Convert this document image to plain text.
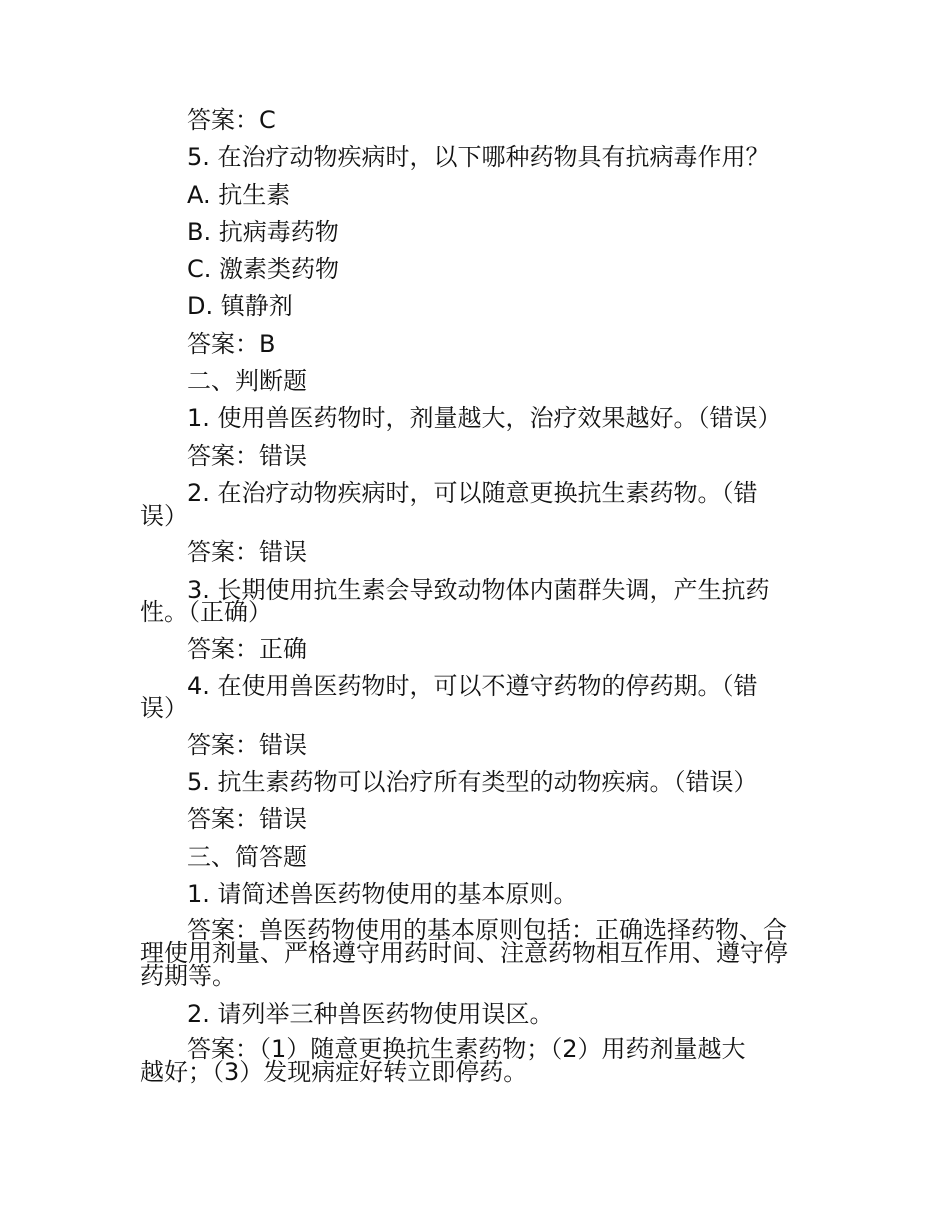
答案：C
5. 在治疗动物疾病时，以下哪种药物具有抗病毒作用？
A. 抗生素
B. 抗病毒药物
C. 激素类药物
D. 镇静剂
答案：B
二、判断题
1. 使用兽医药物时，剂量越大，治疗效果越好。（错误）
答案：错误
2. 在治疗动物疾病时，可以随意更换抗生素药物。（错
误）
答案：错误
3. 长期使用抗生素会导致动物体内菌群失调，产生抗药
性。（正确）
答案：正确
4. 在使用兽医药物时，可以不遵守药物的停药期。（错
误）
答案：错误
5. 抗生素药物可以治疗所有类型的动物疾病。（错误）
答案：错误
三、简答题
1. 请简述兽医药物使用的基本原则。
答案：兽医药物使用的基本原则包括：正确选择药物、合
理使用剂量、严格遵守用药时间、注意药物相互作用、遵守停
药期等。
2. 请列举三种兽医药物使用误区。
答案：（1）随意更换抗生素药物；（2）用药剂量越大
越好；（3）发现病症好转立即停药。
